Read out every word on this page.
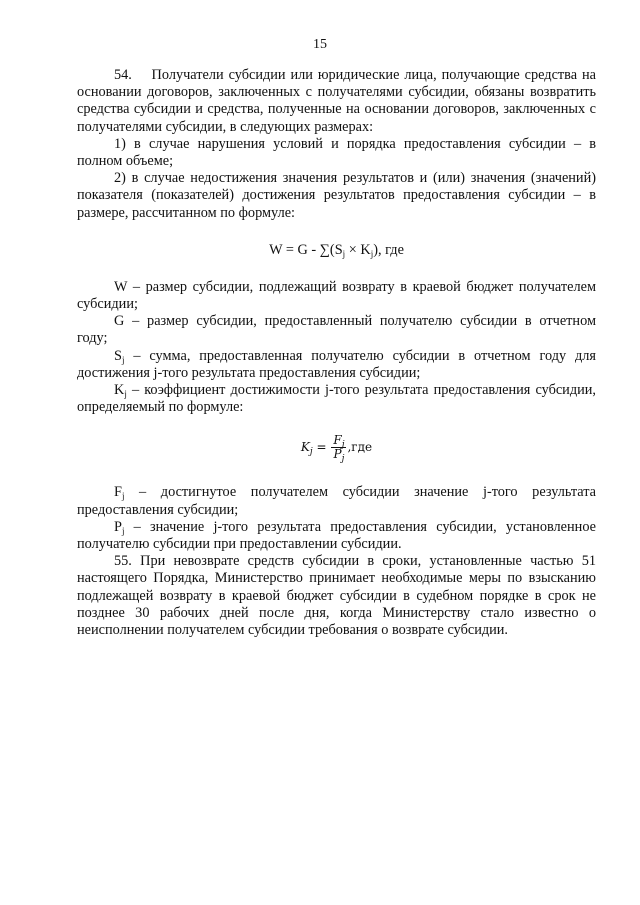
15

54.    Получатели субсидии или юридические лица, получающие средства на основании договоров, заключенных с получателями субсидии, обязаны возвратить средства субсидии и средства, полученные на основании договоров, заключенных с получателями субсидии, в следующих размерах:

1) в случае нарушения условий и порядка предоставления субсидии – в полном объеме;

2) в случае недостижения значения результатов и (или) значения (значений) показателя (показателей) достижения результатов предоставления субсидии – в размере, рассчитанном по формуле:

$W = G - \sum(S_j \times K_j)$, где

W – размер субсидии, подлежащий возврату в краевой бюджет получателем субсидии;

G – размер субсидии, предоставленный получателю субсидии в отчетном году;

$S_j$ – сумма, предоставленная получателю субсидии в отчетном году для достижения j-того результата предоставления субсидии;

$K_j$ – коэффициент достижимости j-того результата предоставления субсидии, определяемый по формуле:

$K_j = \frac{F_j}{P_j} ,где$

$F_j$ – достигнутое получателем субсидии значение j-того результата предоставления субсидии;

$P_j$ – значение j-того результата предоставления субсидии, установленное получателю субсидии при предоставлении субсидии.

55. При невозврате средств субсидии в сроки, установленные частью 51 настоящего Порядка, Министерство принимает необходимые меры по взысканию подлежащей возврату в краевой бюджет субсидии в судебном порядке в срок не позднее 30 рабочих дней после дня, когда Министерству стало известно о неисполнении получателем субсидии требования о возврате субсидии.
